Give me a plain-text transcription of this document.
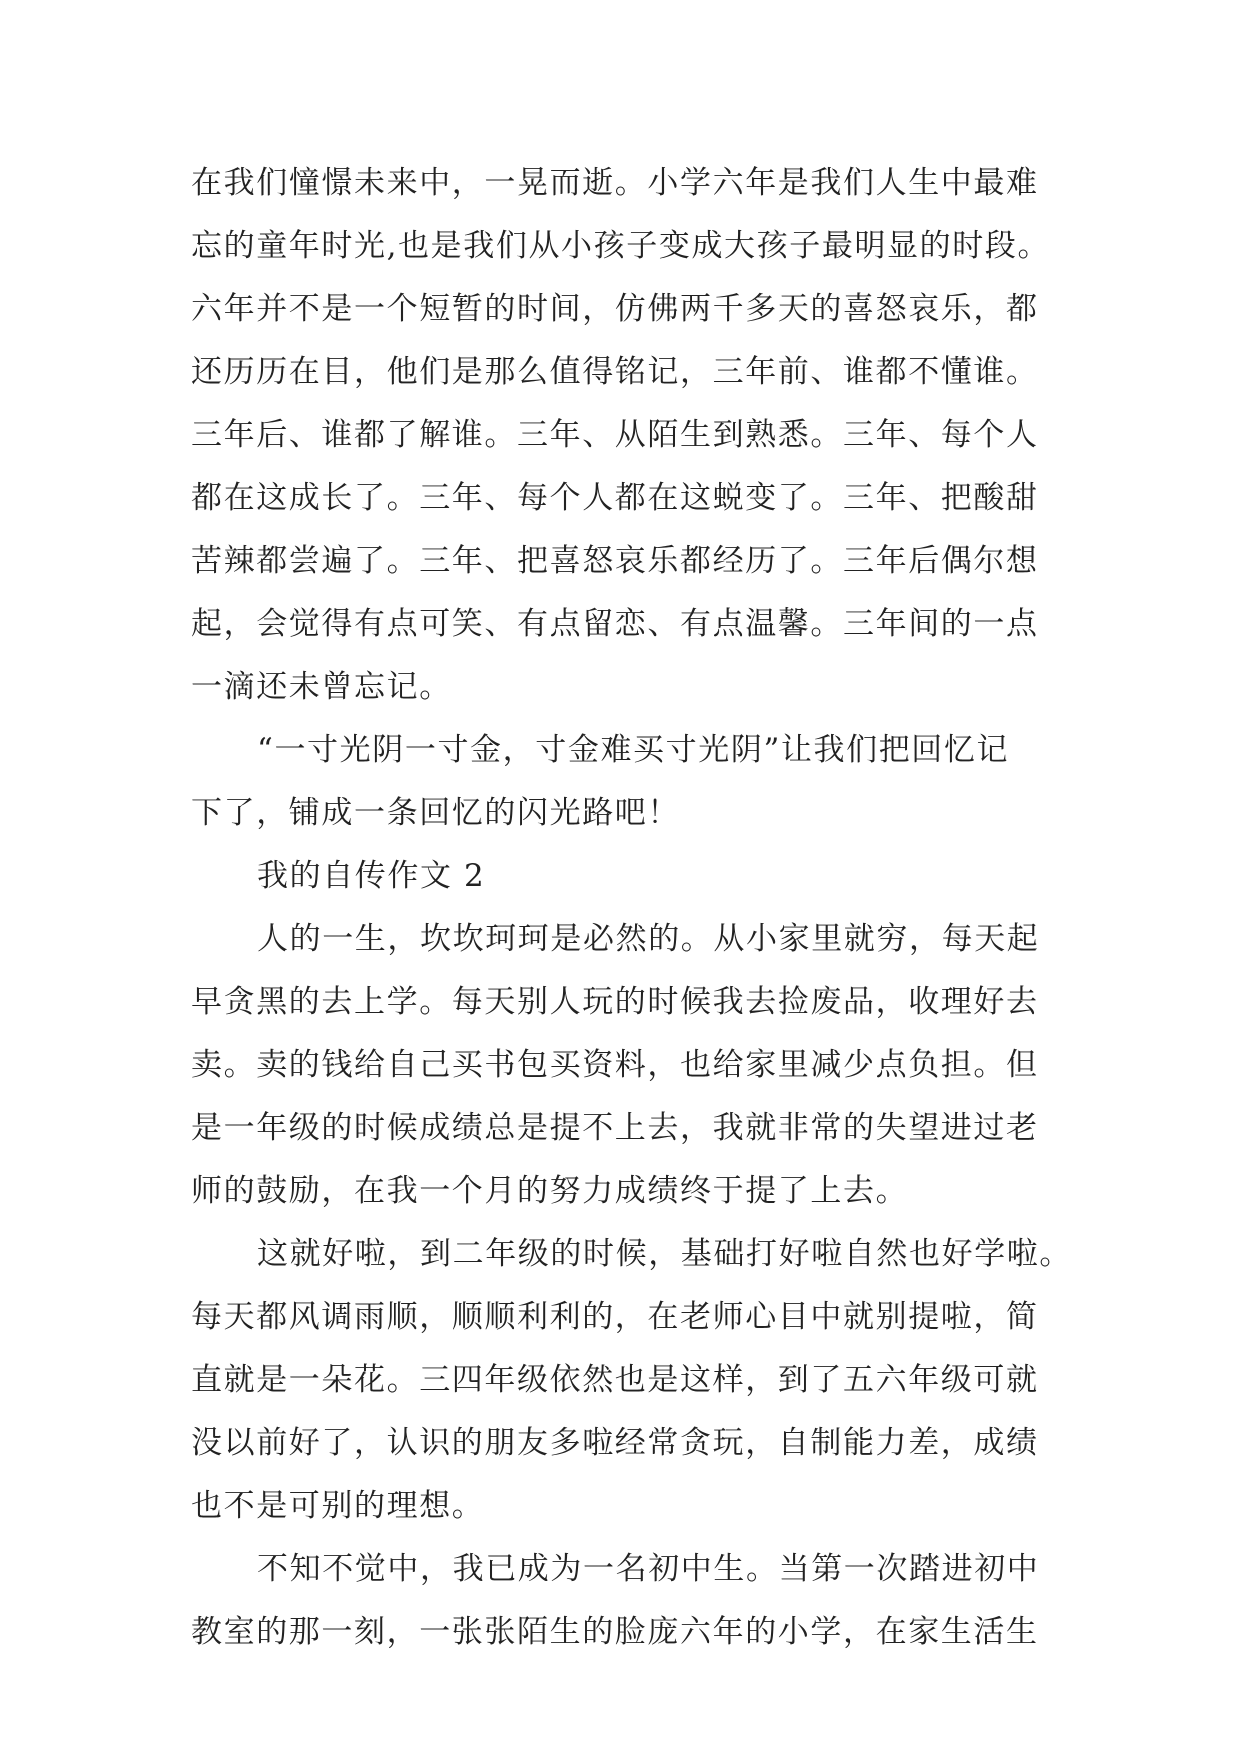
在我们憧憬未来中，一晃而逝。小学六年是我们人生中最难
忘的童年时光,也是我们从小孩子变成大孩子最明显的时段。
六年并不是一个短暂的时间，仿佛两千多天的喜怒哀乐，都
还历历在目，他们是那么值得铭记，三年前、谁都不懂谁。
三年后、谁都了解谁。三年、从陌生到熟悉。三年、每个人
都在这成长了。三年、每个人都在这蜕变了。三年、把酸甜
苦辣都尝遍了。三年、把喜怒哀乐都经历了。三年后偶尔想
起，会觉得有点可笑、有点留恋、有点温馨。三年间的一点
一滴还未曾忘记。
“一寸光阴一寸金，寸金难买寸光阴”让我们把回忆记
下了，铺成一条回忆的闪光路吧！
我的自传作文 2
人的一生，坎坎珂珂是必然的。从小家里就穷，每天起
早贪黑的去上学。每天别人玩的时候我去捡废品，收理好去
卖。卖的钱给自己买书包买资料，也给家里减少点负担。但
是一年级的时候成绩总是提不上去，我就非常的失望进过老
师的鼓励，在我一个月的努力成绩终于提了上去。
这就好啦，到二年级的时候，基础打好啦自然也好学啦。
每天都风调雨顺，顺顺利利的，在老师心目中就别提啦，简
直就是一朵花。三四年级依然也是这样，到了五六年级可就
没以前好了，认识的朋友多啦经常贪玩，自制能力差，成绩
也不是可别的理想。
不知不觉中，我已成为一名初中生。当第一次踏进初中
教室的那一刻，一张张陌生的脸庞六年的小学，在家生活生
